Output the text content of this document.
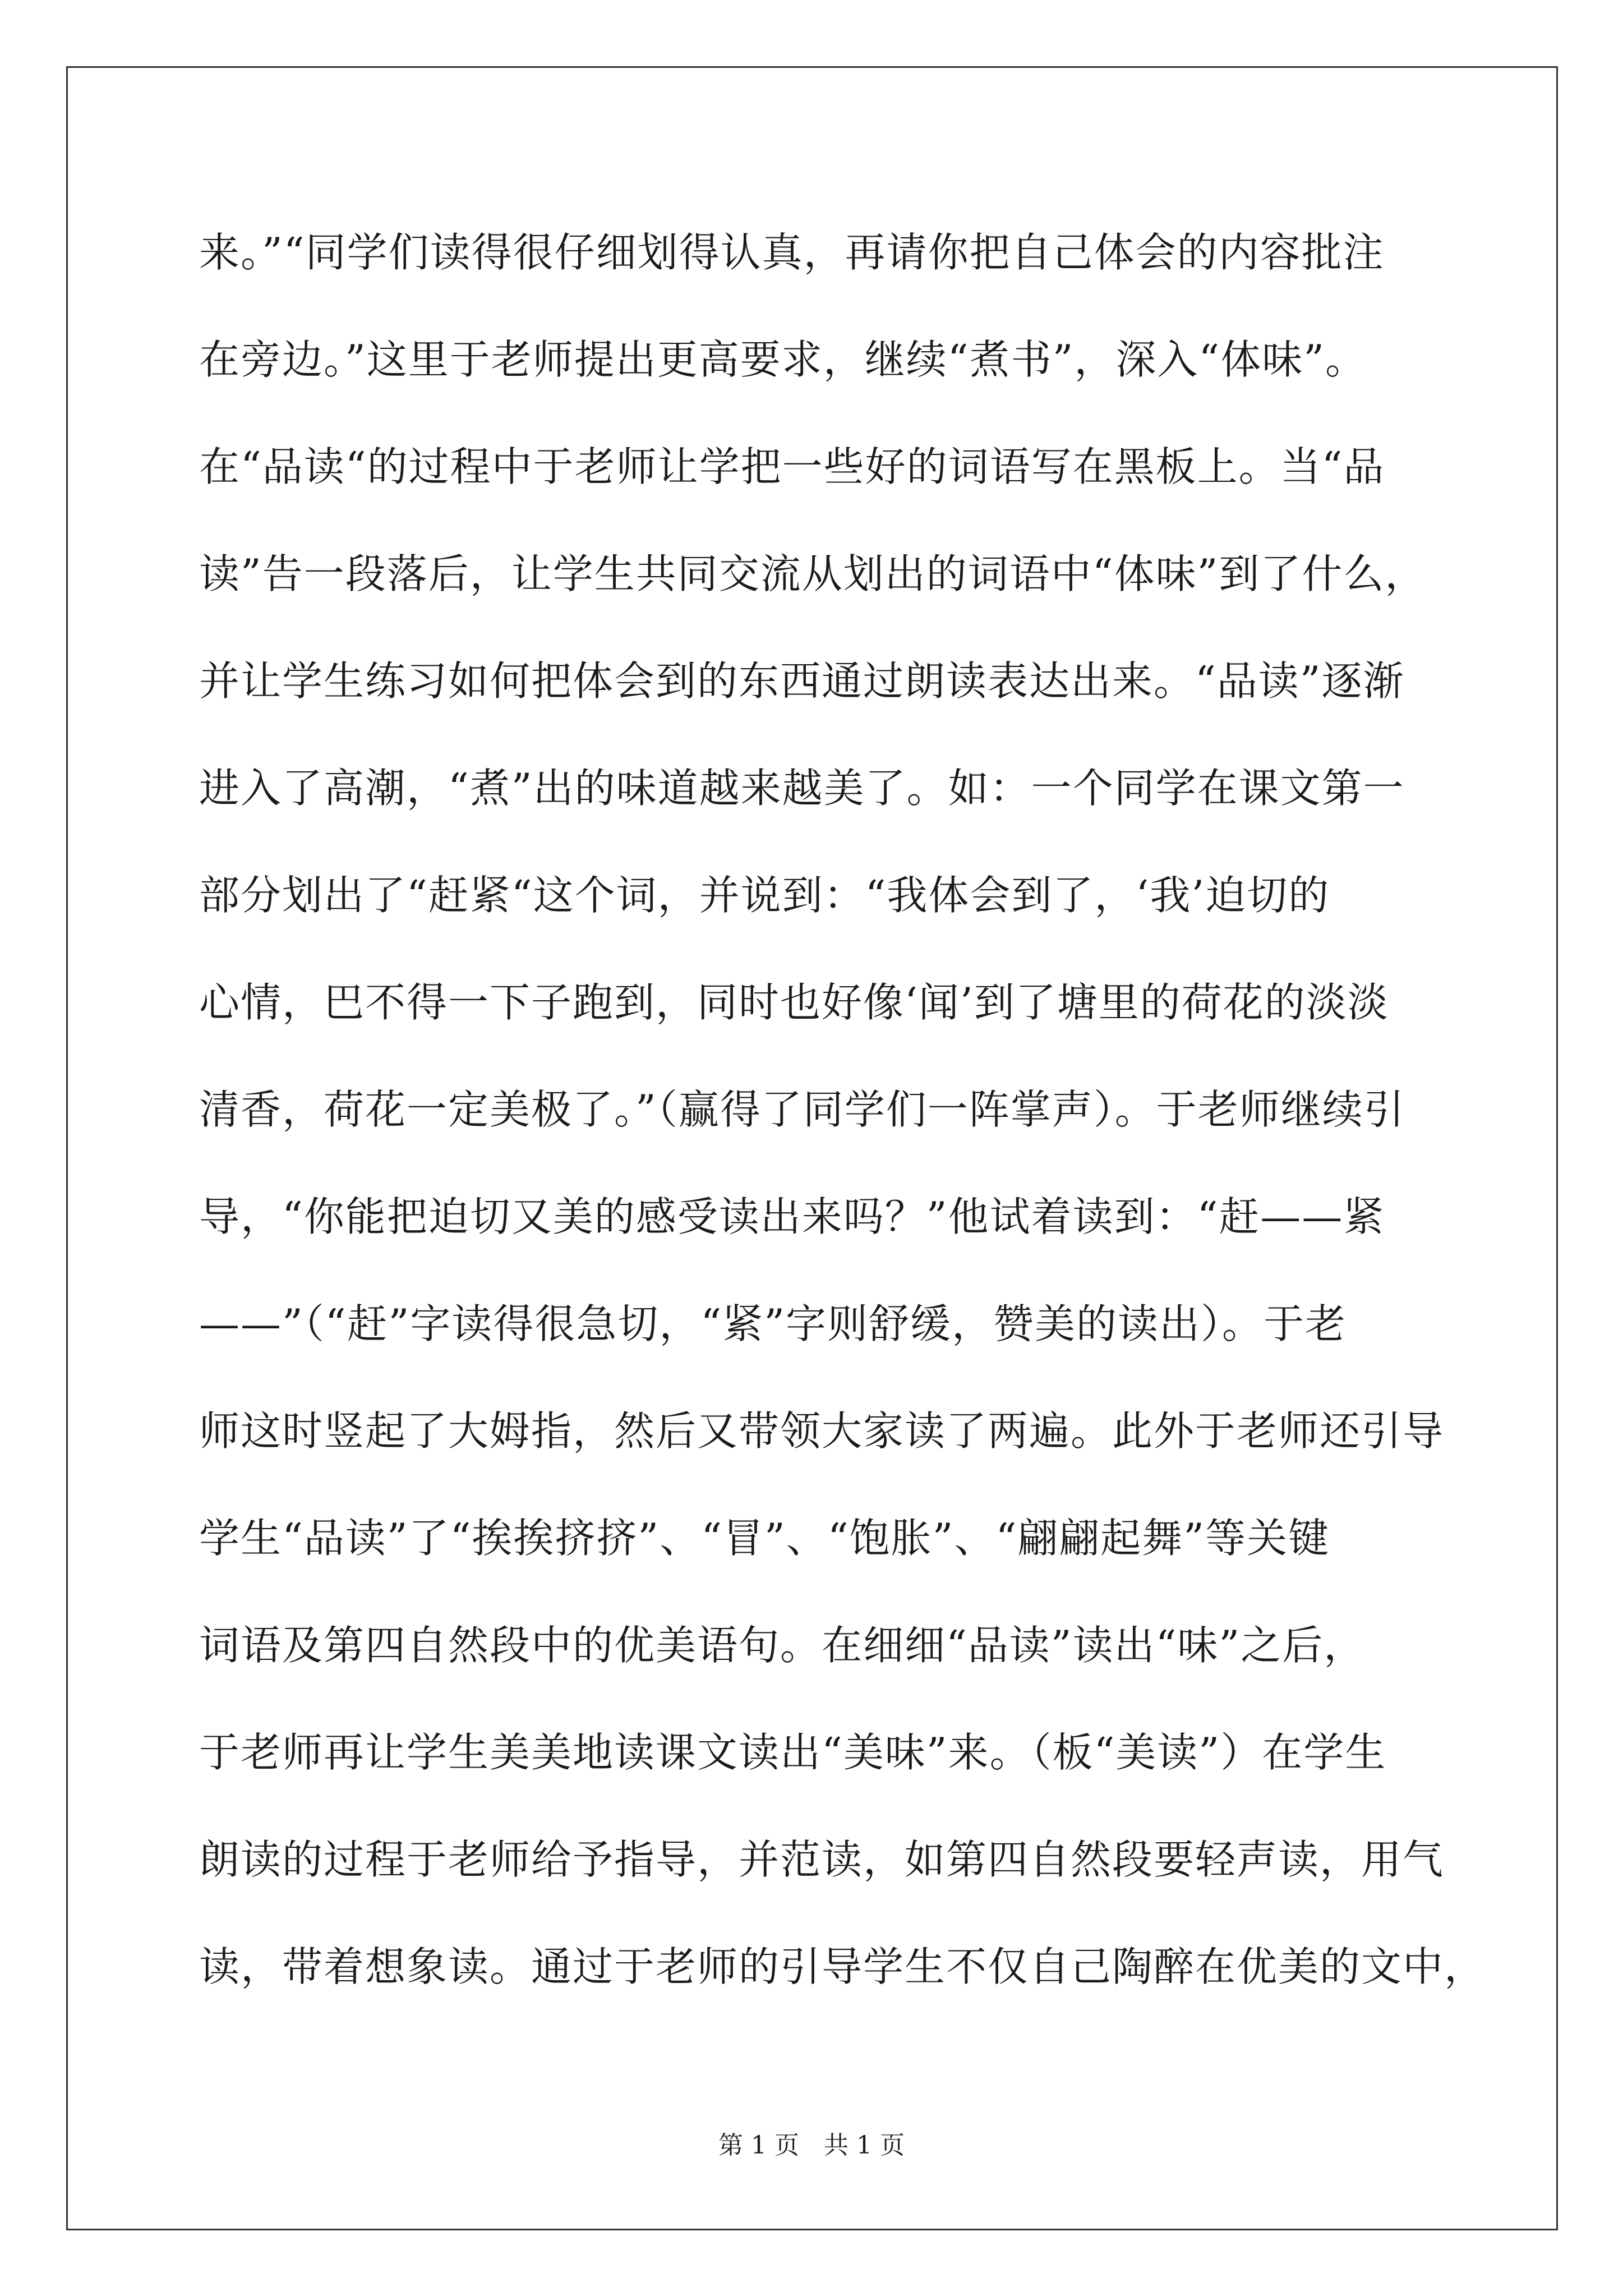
来。”“同学们读得很仔细划得认真，再请你把自己体会的内容批注
在旁边。”这里于老师提出更高要求，继续“煮书”，深入“体味”。
在“品读“的过程中于老师让学把一些好的词语写在黑板上。当“品
读”告一段落后，让学生共同交流从划出的词语中“体味”到了什么，
并让学生练习如何把体会到的东西通过朗读表达出来。“品读”逐渐
进入了高潮，“煮”出的味道越来越美了。如：一个同学在课文第一
部分划出了“赶紧“这个词，并说到：“我体会到了，‘我’迫切的
心情，巴不得一下子跑到，同时也好像‘闻’到了塘里的荷花的淡淡
清香，荷花一定美极了。”（赢得了同学们一阵掌声）。于老师继续引
导，“你能把迫切又美的感受读出来吗？”他试着读到：“赶——紧
——”（“赶”字读得很急切，“紧”字则舒缓，赞美的读出）。于老
师这时竖起了大姆指，然后又带领大家读了两遍。此外于老师还引导
学生“品读”了“挨挨挤挤”、“冒”、“饱胀”、“翩翩起舞”等关键
词语及第四自然段中的优美语句。在细细“品读”读出“味”之后，
于老师再让学生美美地读课文读出“美味”来。（板“美读”）在学生
朗读的过程于老师给予指导，并范读，如第四自然段要轻声读，用气
读，带着想象读。通过于老师的引导学生不仅自己陶醉在优美的文中，
第 1 页　共 1 页
